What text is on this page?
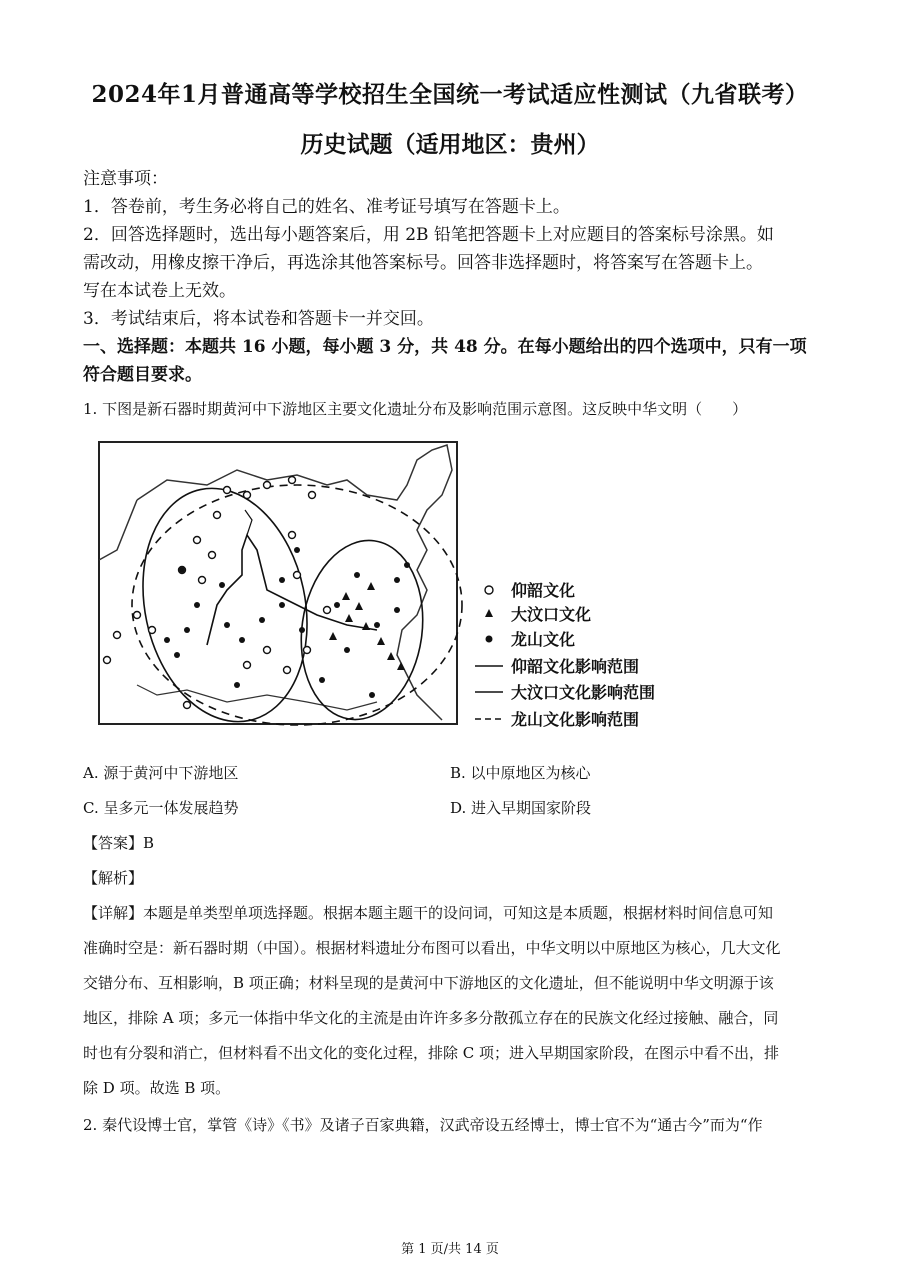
2024年1月普通高等学校招生全国统一考试适应性测试（九省联考）
历史试题（适用地区：贵州）
注意事项：
1．答卷前，考生务必将自己的姓名、准考证号填写在答题卡上。
2．回答选择题时，选出每小题答案后，用 2B 铅笔把答题卡上对应题目的答案标号涂黑。如
需改动，用橡皮擦干净后，再选涂其他答案标号。回答非选择题时，将答案写在答题卡上。
写在本试卷上无效。
3．考试结束后，将本试卷和答题卡一并交回。
一、选择题：本题共 16 小题，每小题 3 分，共 48 分。在每小题给出的四个选项中，只有一项
符合题目要求。
1. 下图是新石器时期黄河中下游地区主要文化遗址分布及影响范围示意图。这反映中华文明（　　）
仰韶文化
大汶口文化
龙山文化
仰韶文化影响范围
大汶口文化影响范围
龙山文化影响范围
A. 源于黄河中下游地区	B. 以中原地区为核心
C. 呈多元一体发展趋势	D. 进入早期国家阶段
【答案】B
【解析】
【详解】本题是单类型单项选择题。根据本题主题干的设问词，可知这是本质题，根据材料时间信息可知
准确时空是：新石器时期（中国）。根据材料遗址分布图可以看出，中华文明以中原地区为核心，几大文化
交错分布、互相影响，B 项正确；材料呈现的是黄河中下游地区的文化遗址，但不能说明中华文明源于该
地区，排除 A 项；多元一体指中华文化的主流是由许许多多分散孤立存在的民族文化经过接触、融合，同
时也有分裂和消亡，但材料看不出文化的变化过程，排除 C 项；进入早期国家阶段，在图示中看不出，排
除 D 项。故选 B 项。
2. 秦代设博士官，掌管《诗》《书》及诸子百家典籍，汉武帝设五经博士，博士官不为“通古今”而为“作
第 1 页/共 14 页
